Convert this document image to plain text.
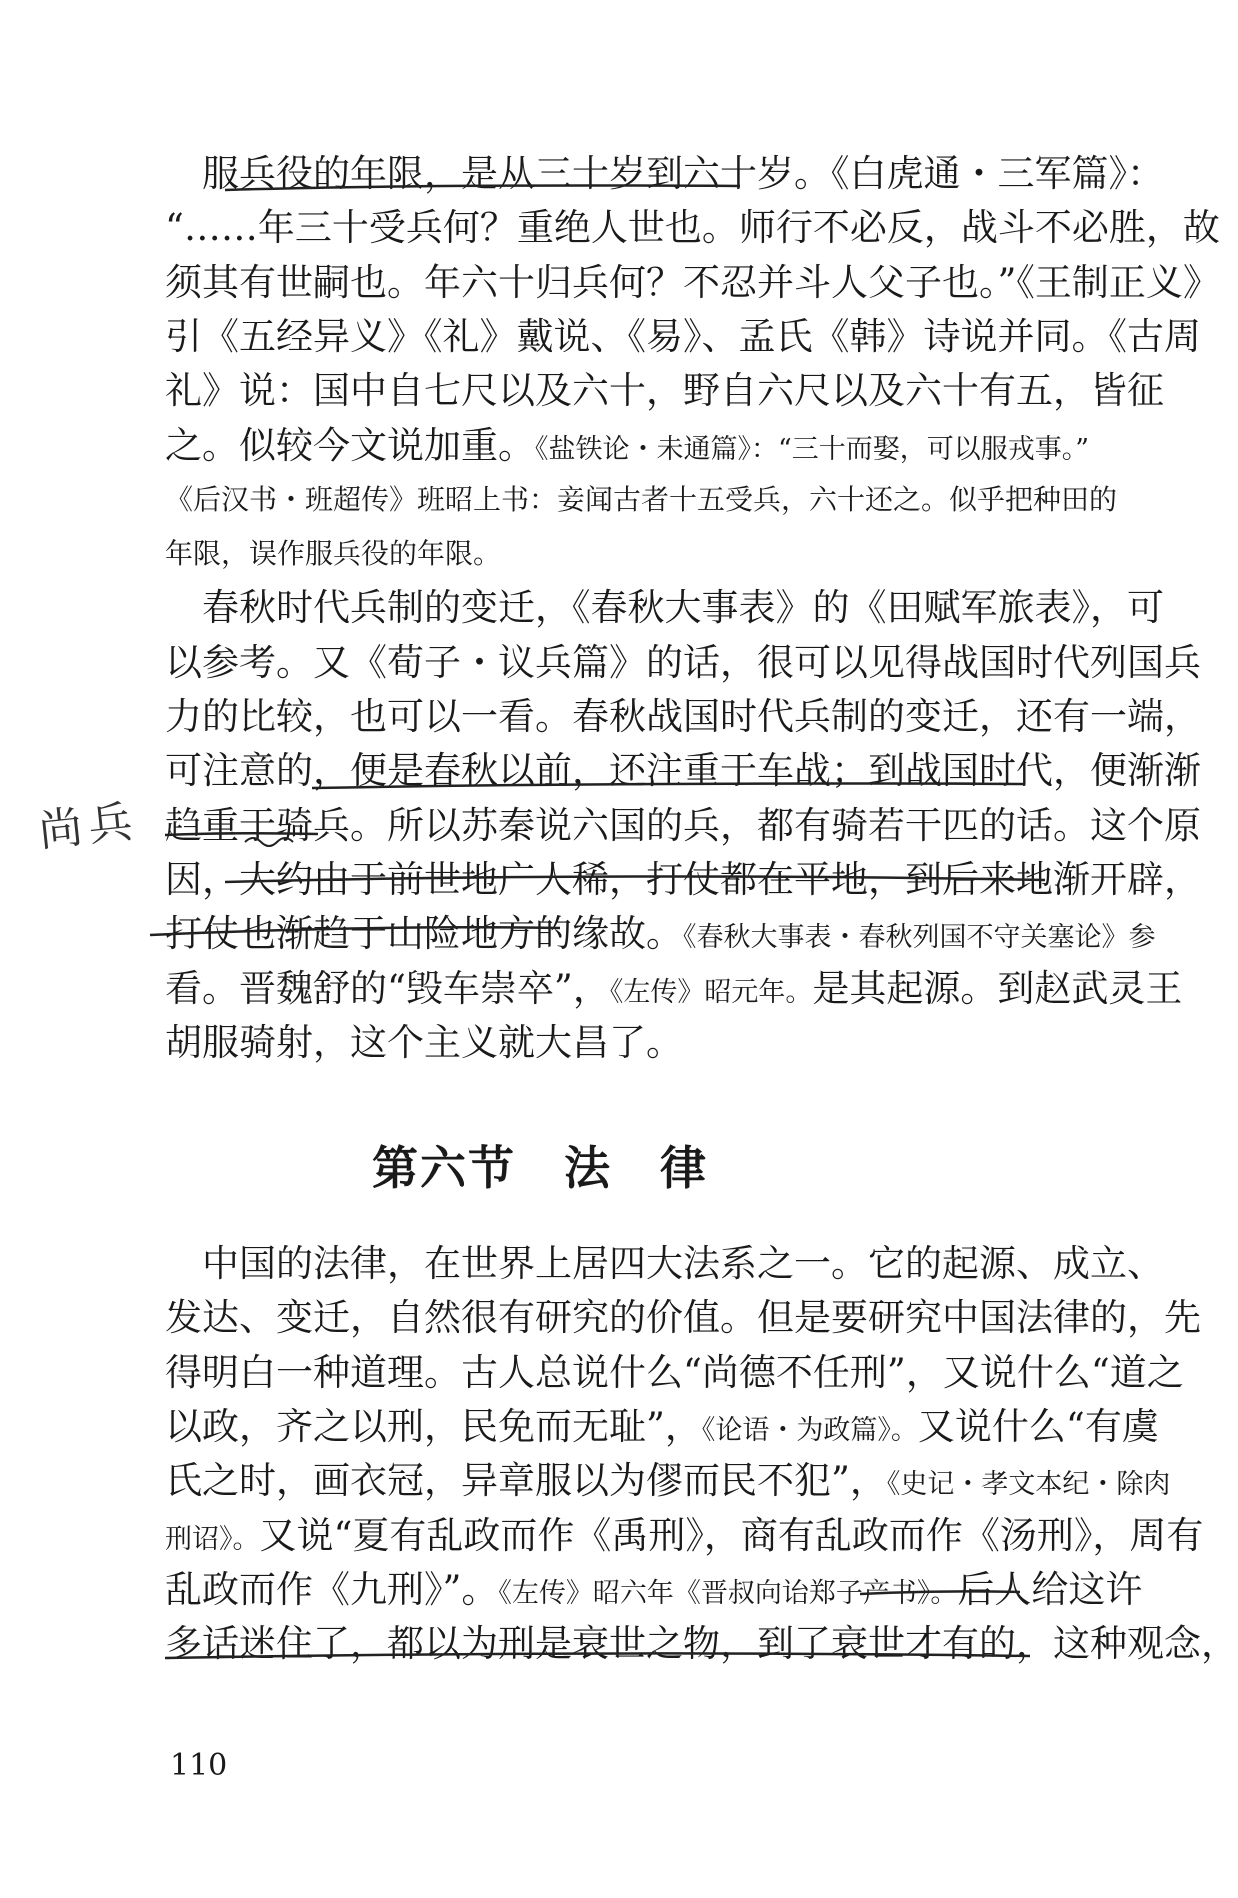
　服兵役的年限，是从三十岁到六十岁。《白虎通・三军篇》：
“……年三十受兵何？重绝人世也。师行不必反，战斗不必胜，故
须其有世嗣也。年六十归兵何？不忍并斗人父子也。”《王制正义》
引《五经异义》《礼》戴说、《易》、孟氏《韩》诗说并同。《古周
礼》说：国中自七尺以及六十，野自六尺以及六十有五，皆征
之。似较今文说加重。《盐铁论・未通篇》：“三十而娶，可以服戎事。”
《后汉书・班超传》班昭上书：妾闻古者十五受兵，六十还之。似乎把种田的
年限，误作服兵役的年限。
　春秋时代兵制的变迁，《春秋大事表》的《田赋军旅表》，可
以参考。又《荀子・议兵篇》的话，很可以见得战国时代列国兵
力的比较，也可以一看。春秋战国时代兵制的变迁，还有一端，
可注意的，便是春秋以前，还注重于车战；到战国时代，便渐渐
趋重于骑兵。所以苏秦说六国的兵，都有骑若干匹的话。这个原
因，大约由于前世地广人稀，打仗都在平地，到后来地渐开辟，
打仗也渐趋于山险地方的缘故。《春秋大事表・春秋列国不守关塞论》参
看。晋魏舒的“毁车崇卒”，《左传》昭元年。是其起源。到赵武灵王
胡服骑射，这个主义就大昌了。
第六节　法　律
　中国的法律，在世界上居四大法系之一。它的起源、成立、
发达、变迁，自然很有研究的价值。但是要研究中国法律的，先
得明白一种道理。古人总说什么“尚德不任刑”，又说什么“道之
以政，齐之以刑，民免而无耻”，《论语・为政篇》。又说什么“有虞
氏之时，画衣冠，异章服以为僇而民不犯”，《史记・孝文本纪・除肉
刑诏》。又说“夏有乱政而作《禹刑》，商有乱政而作《汤刑》，周有
乱政而作《九刑》”。《左传》昭六年《晋叔向诒郑子产书》。后人给这许
多话迷住了，都以为刑是衰世之物，到了衰世才有的，这种观念，
尚兵
110
